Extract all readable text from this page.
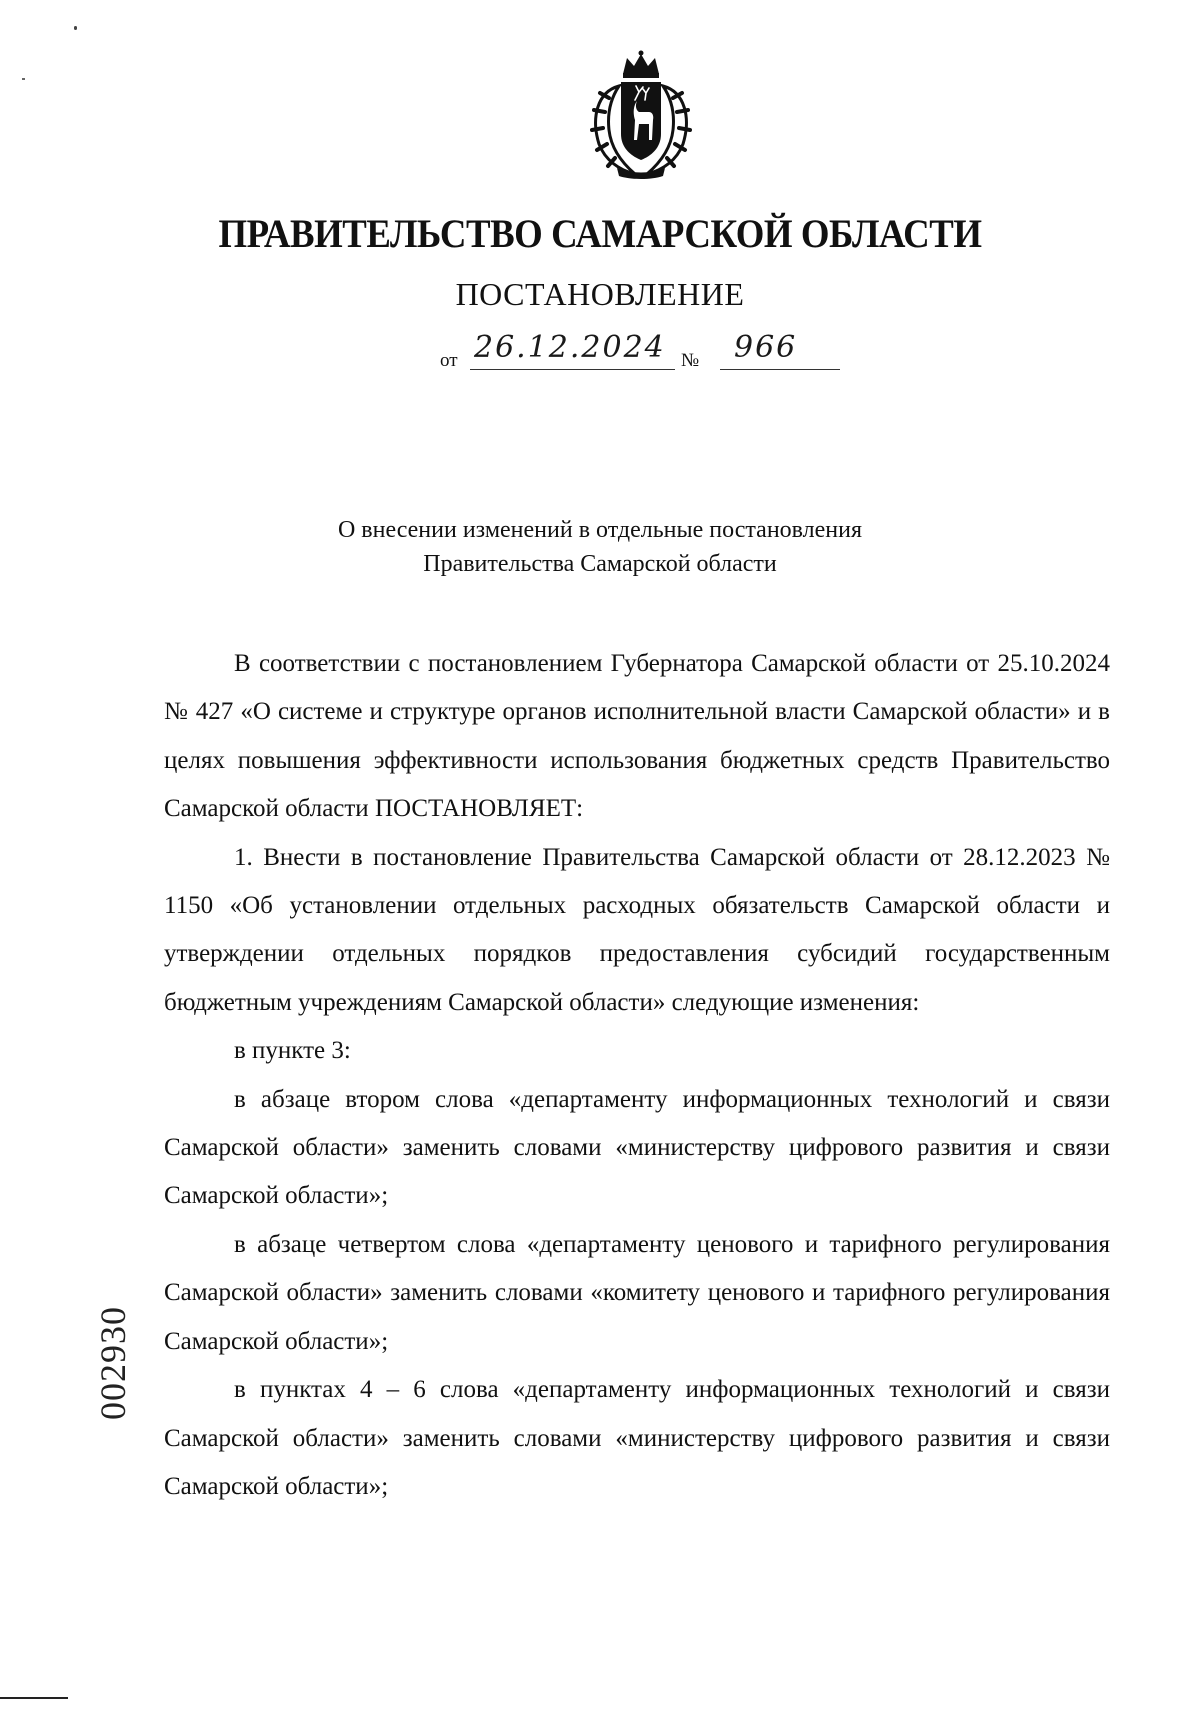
ПРАВИТЕЛЬСТВО САМАРСКОЙ ОБЛАСТИ
ПОСТАНОВЛЕНИЕ
от 26.12.2024 № 966
О внесении изменений в отдельные постановления
Правительства Самарской области

В соответствии с постановлением Губернатора Самарской области от 25.10.2024 № 427 «О системе и структуре органов исполнительной власти Самарской области» и в целях повышения эффективности использования бюджетных средств Правительство Самарской области ПОСТАНОВЛЯЕТ:

1. Внести в постановление Правительства Самарской области от 28.12.2023 № 1150 «Об установлении отдельных расходных обязательств Самарской области и утверждении отдельных порядков предоставления субсидий государственным бюджетным учреждениям Самарской области» следующие изменения:

в пункте 3:

в абзаце втором слова «департаменту информационных технологий и связи Самарской области» заменить словами «министерству цифрового развития и связи Самарской области»;

в абзаце четвертом слова «департаменту ценового и тарифного регулирования Самарской области» заменить словами «комитету ценового и тарифного регулирования Самарской области»;

в пунктах 4 – 6 слова «департаменту информационных технологий и связи Самарской области» заменить словами «министерству цифрового развития и связи Самарской области»;

002930
